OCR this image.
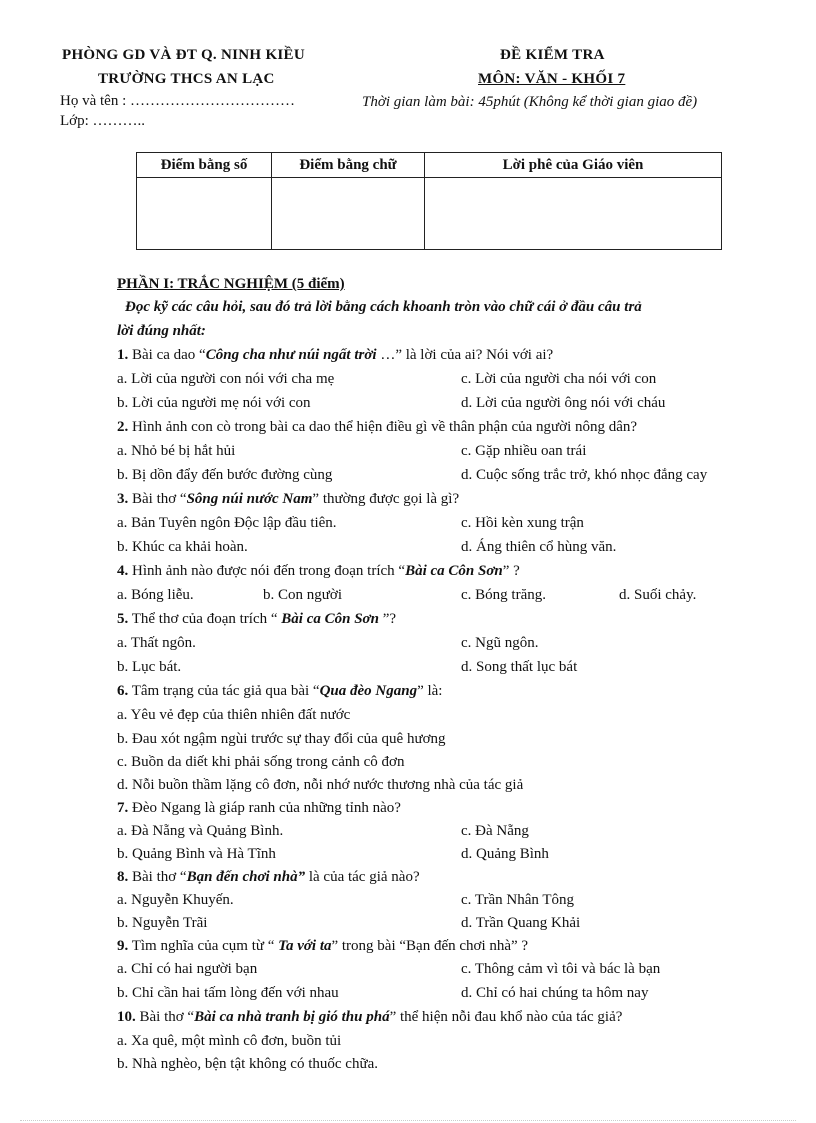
PHÒNG GD VÀ ĐT Q. NINH KIỀU
TRƯỜNG THCS AN LẠC
ĐỀ KIỂM TRA
MÔN: VĂN - KHỐI 7
Họ và tên : ……………………………	Thời gian làm bài: 45phút (Không kể thời gian giao đề)
Lớp: ………..
Điểm bằng số	Điểm bằng chữ	Lời phê của Giáo viên

PHẦN I: TRẮC NGHIỆM (5 điểm)
Đọc kỹ các câu hỏi, sau đó trả lời bằng cách khoanh tròn vào chữ cái ở đầu câu trả
lời đúng nhất:
1. Bài ca dao “Công cha như núi ngất trời …” là lời của ai? Nói với ai?
a. Lời của người con nói với cha mẹ	c. Lời của người cha nói với con
b. Lời của người mẹ nói với con	d. Lời của người ông nói với cháu
2. Hình ảnh con cò trong bài ca dao thể hiện điều gì về thân phận của người nông dân?
a. Nhỏ bé bị hắt hủi	c. Gặp nhiều oan trái
b. Bị dồn đẩy đến bước đường cùng	d. Cuộc sống trắc trở, khó nhọc đắng cay
3. Bài thơ “Sông núi nước Nam” thường được gọi là gì?
a. Bản Tuyên ngôn Độc lập đầu tiên.	c. Hồi kèn xung trận
b. Khúc ca khải hoàn.	d. Áng thiên cổ hùng văn.
4. Hình ảnh nào được nói đến trong đoạn trích “Bài ca Côn Sơn” ?
a. Bóng liễu.	b. Con người	c. Bóng trăng.	d. Suối chảy.
5. Thể thơ của đoạn trích “ Bài ca Côn Sơn ”?
a. Thất ngôn.	c. Ngũ ngôn.
b. Lục bát.	d. Song thất lục bát
6. Tâm trạng của tác giả qua bài “Qua đèo Ngang” là:
a. Yêu vẻ đẹp của thiên nhiên đất nước
b. Đau xót ngậm ngùi trước sự thay đổi của quê hương
c. Buồn da diết khi phải sống trong cảnh cô đơn
d. Nỗi buồn thầm lặng cô đơn, nỗi nhớ nước thương nhà của tác giả
7. Đèo Ngang là giáp ranh của những tỉnh nào?
a. Đà Nẵng và Quảng Bình.	c. Đà Nẵng
b. Quảng Bình và Hà Tĩnh	d. Quảng Bình
8. Bài thơ “Bạn đến chơi nhà” là của tác giả nào?
a. Nguyễn Khuyến.	c. Trần Nhân Tông
b. Nguyễn Trãi	d. Trần Quang Khải
9. Tìm nghĩa của cụm từ “ Ta với ta” trong bài “Bạn đến chơi nhà” ?
a. Chỉ có hai người bạn	c. Thông cảm vì tôi và bác là bạn
b. Chỉ cần hai tấm lòng đến với nhau	d. Chỉ có hai chúng ta hôm nay
10. Bài thơ “Bài ca nhà tranh bị gió thu phá” thể hiện nỗi đau khổ nào của tác giả?
a. Xa quê, một mình cô đơn, buồn tủi
b. Nhà nghèo, bện tật không có thuốc chữa.
